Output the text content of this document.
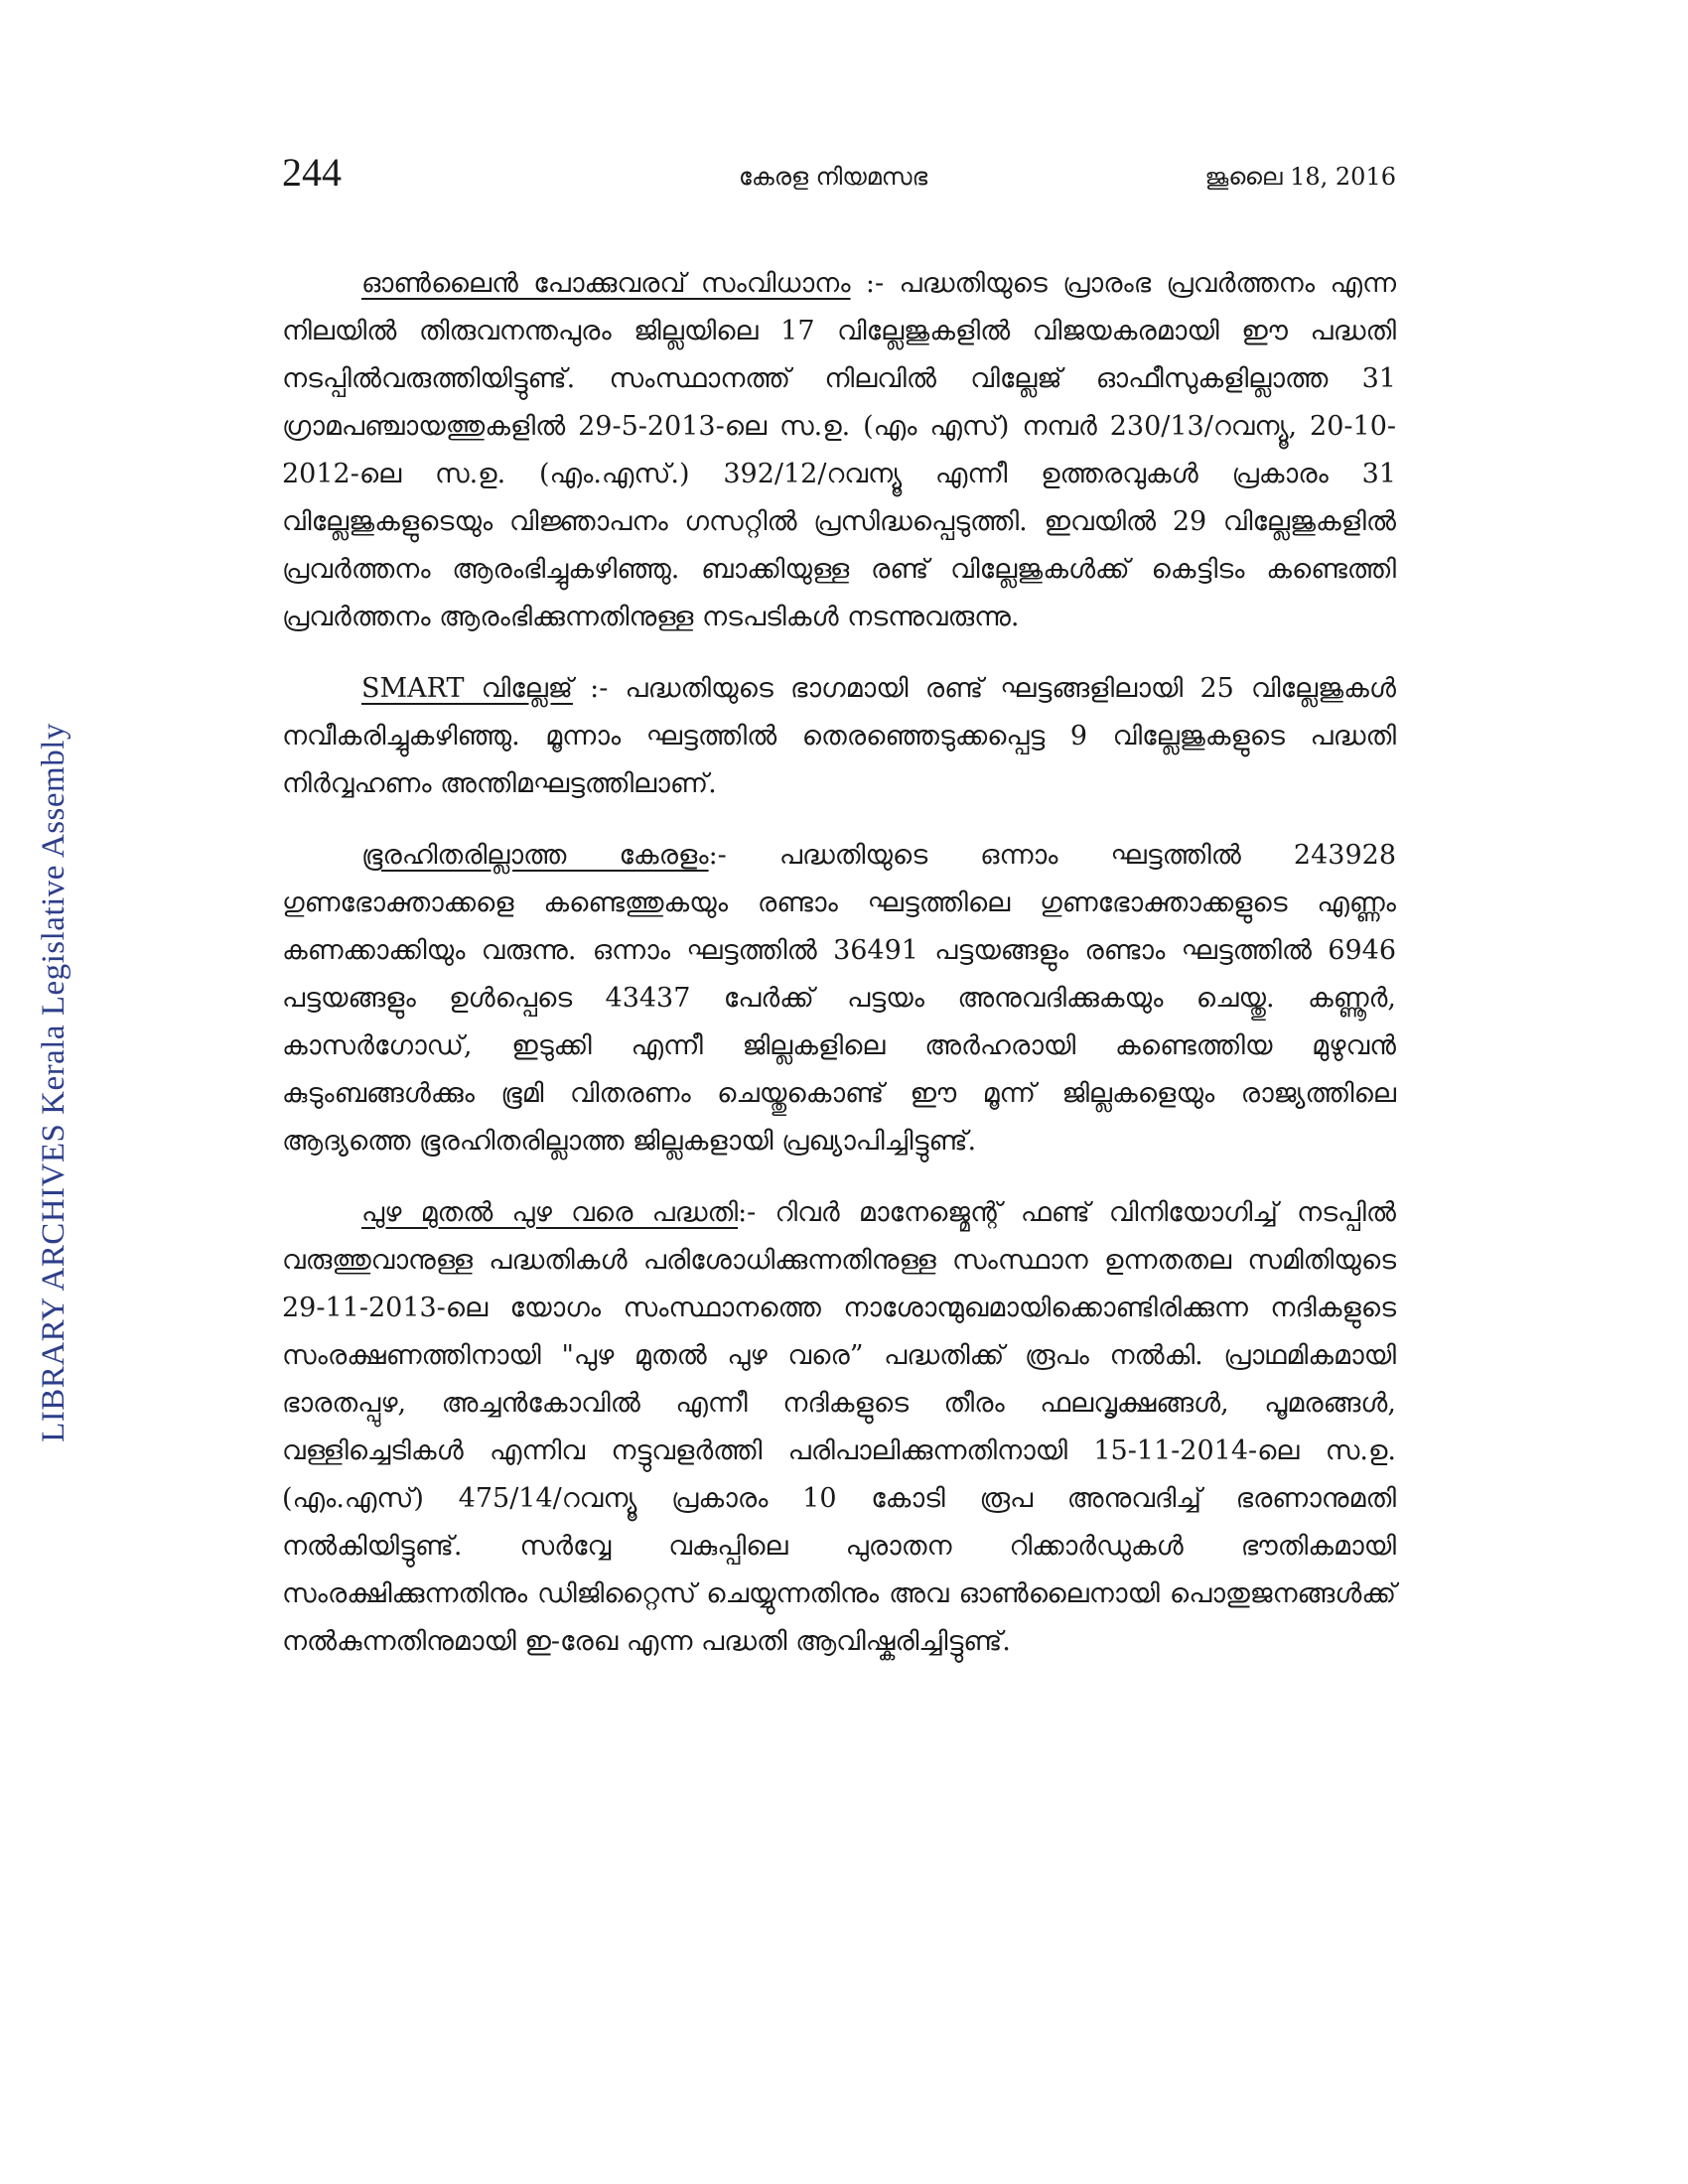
LIBRARY ARCHIVES Kerala Legislative Assembly
244	കേരള നിയമസഭ	ജൂലൈ 18, 2016

ഓൺലൈൻ പോക്കുവരവ് സംവിധാനം :- പദ്ധതിയുടെ പ്രാരംഭ പ്രവർത്തനം എന്ന നിലയിൽ തിരുവനന്തപുരം ജില്ലയിലെ 17 വില്ലേജുകളിൽ വിജയകരമായി ഈ പദ്ധതി നടപ്പിൽവരുത്തിയിട്ടുണ്ട്. സംസ്ഥാനത്ത് നിലവിൽ വില്ലേജ് ഓഫീസുകളില്ലാത്ത 31 ഗ്രാമപഞ്ചായത്തുകളിൽ 29-5-2013-ലെ സ.ഉ. (എം എസ്) നമ്പർ 230/13/റവന്യൂ, 20-10-2012-ലെ സ.ഉ. (എം.എസ്.) 392/12/റവന്യൂ എന്നീ ഉത്തരവുകൾ പ്രകാരം 31 വില്ലേജുകളുടെയും വിജ്ഞാപനം ഗസറ്റിൽ പ്രസിദ്ധപ്പെടുത്തി. ഇവയിൽ 29 വില്ലേജുകളിൽ പ്രവർത്തനം ആരംഭിച്ചുകഴിഞ്ഞു. ബാക്കിയുള്ള രണ്ട് വില്ലേജുകൾക്ക് കെട്ടിടം കണ്ടെത്തി പ്രവർത്തനം ആരംഭിക്കുന്നതിനുള്ള നടപടികൾ നടന്നുവരുന്നു.

SMART വില്ലേജ് :- പദ്ധതിയുടെ ഭാഗമായി രണ്ട് ഘട്ടങ്ങളിലായി 25 വില്ലേജുകൾ നവീകരിച്ചുകഴിഞ്ഞു. മൂന്നാം ഘട്ടത്തിൽ തെരഞ്ഞെടുക്കപ്പെട്ട 9 വില്ലേജുകളുടെ പദ്ധതി നിർവ്വഹണം അന്തിമഘട്ടത്തിലാണ്.

ഭൂരഹിതരില്ലാത്ത കേരളം:- പദ്ധതിയുടെ ഒന്നാം ഘട്ടത്തിൽ 243928 ഗുണഭോക്താക്കളെ കണ്ടെത്തുകയും രണ്ടാം ഘട്ടത്തിലെ ഗുണഭോക്താക്കളുടെ എണ്ണം കണക്കാക്കിയും വരുന്നു. ഒന്നാം ഘട്ടത്തിൽ 36491 പട്ടയങ്ങളും രണ്ടാം ഘട്ടത്തിൽ 6946 പട്ടയങ്ങളും ഉൾപ്പെടെ 43437 പേർക്ക് പട്ടയം അനുവദിക്കുകയും ചെയ്തു. കണ്ണൂർ, കാസർഗോഡ്, ഇടുക്കി എന്നീ ജില്ലകളിലെ അർഹരായി കണ്ടെത്തിയ മുഴുവൻ കുടുംബങ്ങൾക്കും ഭൂമി വിതരണം ചെയ്തുകൊണ്ട് ഈ മൂന്ന് ജില്ലകളെയും രാജ്യത്തിലെ ആദ്യത്തെ ഭൂരഹിതരില്ലാത്ത ജില്ലകളായി പ്രഖ്യാപിച്ചിട്ടുണ്ട്.

പുഴ മുതൽ പുഴ വരെ പദ്ധതി:- റിവർ മാനേജ്മെന്റ് ഫണ്ട് വിനിയോഗിച്ച് നടപ്പിൽ വരുത്തുവാനുള്ള പദ്ധതികൾ പരിശോധിക്കുന്നതിനുള്ള സംസ്ഥാന ഉന്നതതല സമിതിയുടെ 29-11-2013-ലെ യോഗം സംസ്ഥാനത്തെ നാശോന്മുഖമായിക്കൊണ്ടിരിക്കുന്ന നദികളുടെ സംരക്ഷണത്തിനായി "പുഴ മുതൽ പുഴ വരെ” പദ്ധതിക്ക് രൂപം നൽകി. പ്രാഥമികമായി ഭാരതപ്പുഴ, അച്ചൻകോവിൽ എന്നീ നദികളുടെ തീരം ഫലവൃക്ഷങ്ങൾ, പൂമരങ്ങൾ, വള്ളിച്ചെടികൾ എന്നിവ നട്ടുവളർത്തി പരിപാലിക്കുന്നതിനായി 15-11-2014-ലെ സ.ഉ. (എം.എസ്) 475/14/റവന്യൂ പ്രകാരം 10 കോടി രൂപ അനുവദിച്ച് ഭരണാനുമതി നൽകിയിട്ടുണ്ട്. സർവ്വേ വകുപ്പിലെ പുരാതന റിക്കാർഡുകൾ ഭൗതികമായി സംരക്ഷിക്കുന്നതിനും ഡിജിറ്റൈസ് ചെയ്യുന്നതിനും അവ ഓൺലൈനായി പൊതുജനങ്ങൾക്ക് നൽകുന്നതിനുമായി ഇ-രേഖ എന്ന പദ്ധതി ആവിഷ്കരിച്ചിട്ടുണ്ട്.
